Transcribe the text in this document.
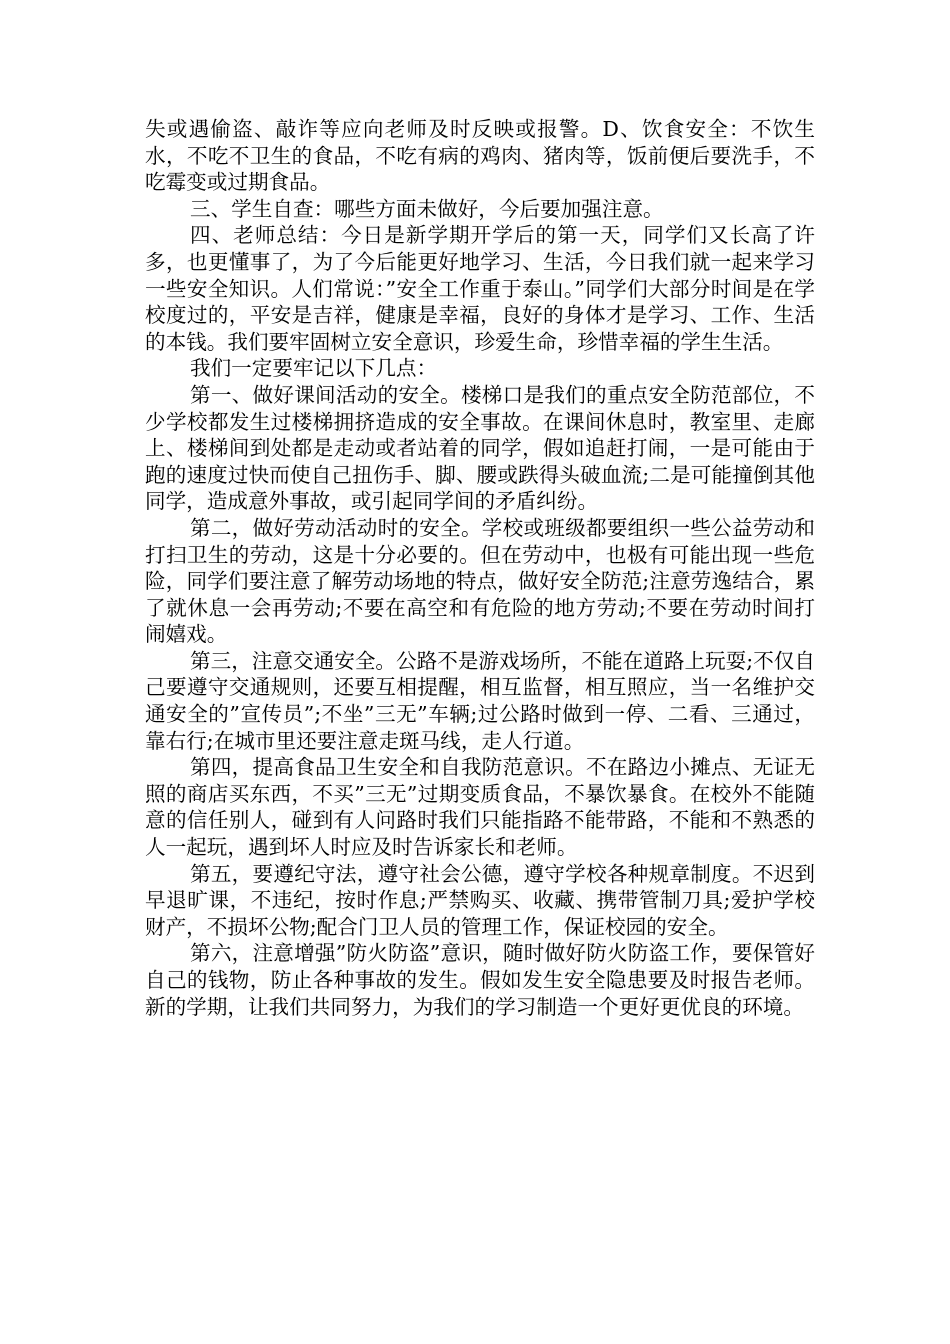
失或遇偷盗、敲诈等应向老师及时反映或报警。D、饮食安全：不饮生水，不吃不卫生的食品，不吃有病的鸡肉、猪肉等，饭前便后要洗手，不吃霉变或过期食品。

三、学生自查：哪些方面未做好，今后要加强注意。

四、老师总结：今日是新学期开学后的第一天，同学们又长高了许多，也更懂事了，为了今后能更好地学习、生活，今日我们就一起来学习一些安全知识。人们常说：”安全工作重于泰山。”同学们大部分时间是在学校度过的，平安是吉祥，健康是幸福，良好的身体才是学习、工作、生活的本钱。我们要牢固树立安全意识，珍爱生命，珍惜幸福的学生生活。

我们一定要牢记以下几点：

第一、做好课间活动的安全。楼梯口是我们的重点安全防范部位，不少学校都发生过楼梯拥挤造成的安全事故。在课间休息时，教室里、走廊上、楼梯间到处都是走动或者站着的同学，假如追赶打闹，一是可能由于跑的速度过快而使自己扭伤手、脚、腰或跌得头破血流;二是可能撞倒其他同学，造成意外事故，或引起同学间的矛盾纠纷。

第二，做好劳动活动时的安全。学校或班级都要组织一些公益劳动和打扫卫生的劳动，这是十分必要的。但在劳动中，也极有可能出现一些危险，同学们要注意了解劳动场地的特点，做好安全防范;注意劳逸结合，累了就休息一会再劳动;不要在高空和有危险的地方劳动;不要在劳动时间打闹嬉戏。

第三，注意交通安全。公路不是游戏场所，不能在道路上玩耍;不仅自己要遵守交通规则，还要互相提醒，相互监督，相互照应，当一名维护交通安全的”宣传员”;不坐”三无”车辆;过公路时做到一停、二看、三通过，靠右行;在城市里还要注意走斑马线，走人行道。

第四，提高食品卫生安全和自我防范意识。不在路边小摊点、无证无照的商店买东西，不买”三无”过期变质食品，不暴饮暴食。在校外不能随意的信任别人，碰到有人问路时我们只能指路不能带路，不能和不熟悉的人一起玩，遇到坏人时应及时告诉家长和老师。

第五，要遵纪守法，遵守社会公德，遵守学校各种规章制度。不迟到早退旷课，不违纪，按时作息;严禁购买、收藏、携带管制刀具;爱护学校财产，不损坏公物;配合门卫人员的管理工作，保证校园的安全。

第六，注意增强”防火防盗”意识，随时做好防火防盗工作，要保管好自己的钱物，防止各种事故的发生。假如发生安全隐患要及时报告老师。新的学期，让我们共同努力，为我们的学习制造一个更好更优良的环境。
